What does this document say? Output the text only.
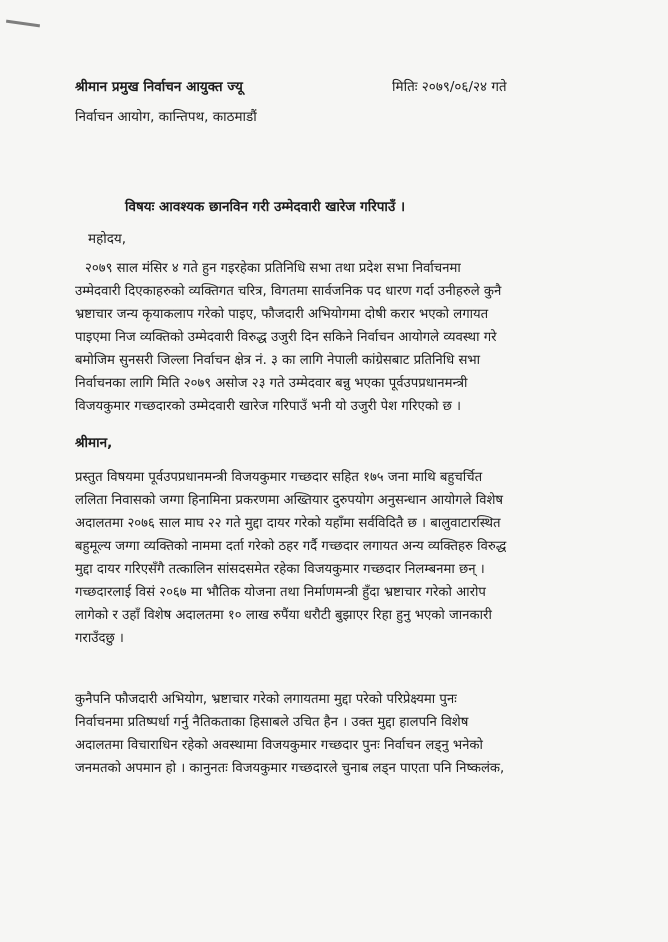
श्रीमान प्रमुख निर्वाचन आयुक्त ज्यू	मितिः २०७९/०६/२४ गते
निर्वाचन आयोग, कान्तिपथ, काठमाडौं
विषयः आवश्यक छानविन गरी उम्मेदवारी खारेज गरिपाउँ ।
महोदय,
२०७९ साल मंसिर ४ गते हुन गइरहेका प्रतिनिधि सभा तथा प्रदेश सभा निर्वाचनमा
उम्मेदवारी दिएकाहरुको व्यक्तिगत चरित्र, विगतमा सार्वजनिक पद धारण गर्दा उनीहरुले कुनै
भ्रष्टाचार जन्य कृयाकलाप गरेको पाइए, फौजदारी अभियोगमा दोषी करार भएको लगायत
पाइएमा निज व्यक्तिको उम्मेदवारी विरुद्ध उजुरी दिन सकिने निर्वाचन आयोगले व्यवस्था गरे
बमोजिम सुनसरी जिल्ला निर्वाचन क्षेत्र नं. ३ का लागि नेपाली कांग्रेसबाट प्रतिनिधि सभा
निर्वाचनका लागि मिति २०७९ असोज २३ गते उम्मेदवार बन्नु भएका पूर्वउपप्रधानमन्त्री
विजयकुमार गच्छदारको उम्मेदवारी खारेज गरिपाउँ भनी यो उजुरी पेश गरिएको छ ।
श्रीमान,
प्रस्तुत विषयमा पूर्वउपप्रधानमन्त्री विजयकुमार गच्छदार सहित १७५ जना माथि बहुचर्चित
ललिता निवासको जग्गा हिनामिना प्रकरणमा अख्तियार दुरुपयोग अनुसन्धान आयोगले विशेष
अदालतमा २०७६ साल माघ २२ गते मुद्दा दायर गरेको यहाँमा सर्वविदितै छ । बालुवाटारस्थित
बहुमूल्य जग्गा व्यक्तिको नाममा दर्ता गरेको ठहर गर्दै गच्छदार लगायत अन्य व्यक्तिहरु विरुद्ध
मुद्दा दायर गरिएसँगै तत्कालिन सांसदसमेत रहेका विजयकुमार गच्छदार निलम्बनमा छन् ।
गच्छदारलाई विसं २०६७ मा भौतिक योजना तथा निर्माणमन्त्री हुँदा भ्रष्टाचार गरेको आरोप
लागेको र उहाँ विशेष अदालतमा १० लाख रुपैंया धरौटी बुझाएर रिहा हुनु भएको जानकारी
गराउँदछु ।
कुनैपनि फौजदारी अभियोग, भ्रष्टाचार गरेको लगायतमा मुद्दा परेको परिप्रेक्ष्यमा पुनः
निर्वाचनमा प्रतिष्पर्धा गर्नु नैतिकताका हिसाबले उचित हैन । उक्त मुद्दा हालपनि विशेष
अदालतमा विचाराधिन रहेको अवस्थामा विजयकुमार गच्छदार पुनः निर्वाचन लड्नु भनेको
जनमतको अपमान हो । कानुनतः विजयकुमार गच्छदारले चुनाब लड्न पाएता पनि निष्कलंक,
